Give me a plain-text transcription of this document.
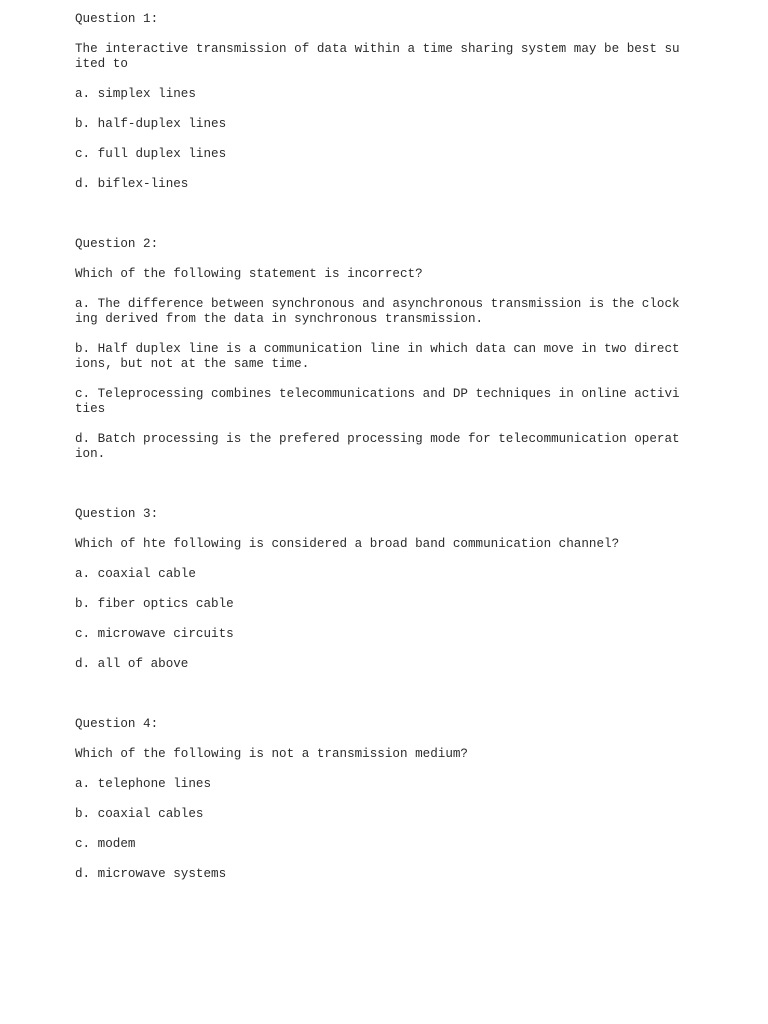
Question 1:

The interactive transmission of data within a time sharing system may be best su
ited to

a. simplex lines

b. half-duplex lines

c. full duplex lines

d. biflex-lines

Question 2:

Which of the following statement is incorrect?

a. The difference between synchronous and asynchronous transmission is the clock
ing derived from the data in synchronous transmission.

b. Half duplex line is a communication line in which data can move in two direct
ions, but not at the same time.

c. Teleprocessing combines telecommunications and DP techniques in online activi
ties

d. Batch processing is the prefered processing mode for telecommunication operat
ion.

Question 3:

Which of hte following is considered a broad band communication channel?

a. coaxial cable

b. fiber optics cable

c. microwave circuits

d. all of above

Question 4:

Which of the following is not a transmission medium?

a. telephone lines

b. coaxial cables

c. modem

d. microwave systems
